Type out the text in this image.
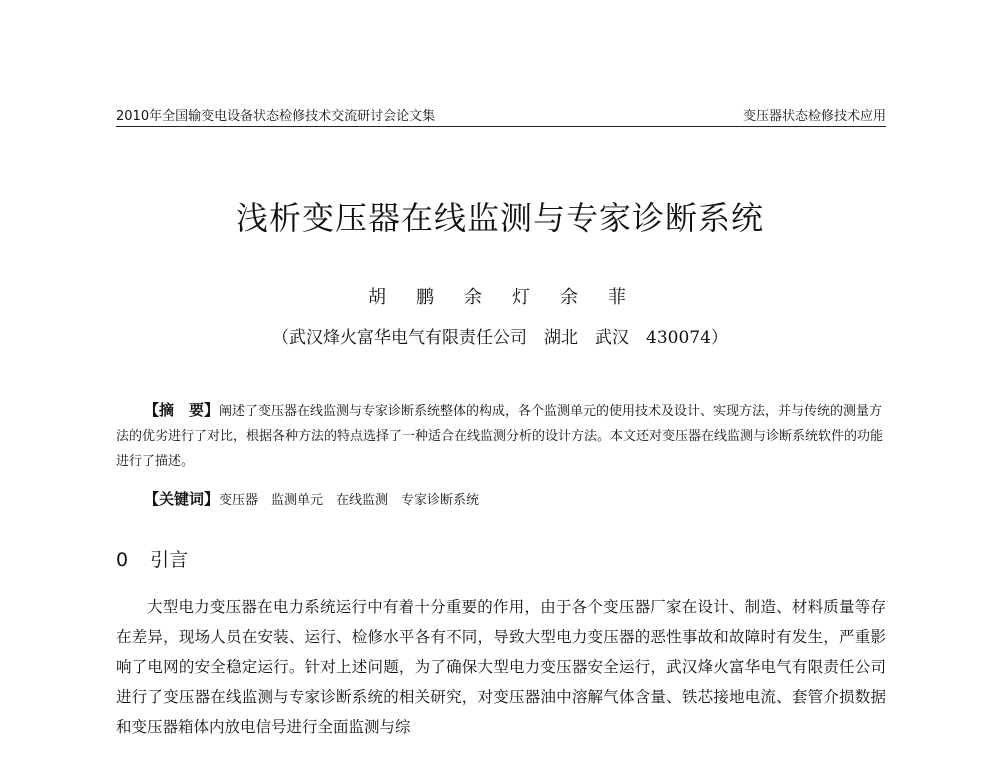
2010年全国输变电设备状态检修技术交流研讨会论文集	变压器状态检修技术应用
浅析变压器在线监测与专家诊断系统
胡　鹏　余　灯　余　菲
（武汉烽火富华电气有限责任公司　湖北　武汉　430074）
【摘　要】阐述了变压器在线监测与专家诊断系统整体的构成，各个监测单元的使用技术及设计、实现方法，并与传统的测量方法的优劣进行了对比，根据各种方法的特点选择了一种适合在线监测分析的设计方法。本文还对变压器在线监测与诊断系统软件的功能进行了描述。
【关键词】变压器　监测单元　在线监测　专家诊断系统
0 引言
大型电力变压器在电力系统运行中有着十分重要的作用，由于各个变压器厂家在设计、制造、材料质量等存在差异，现场人员在安装、运行、检修水平各有不同，导致大型电力变压器的恶性事故和故障时有发生，严重影响了电网的安全稳定运行。针对上述问题，为了确保大型电力变压器安全运行，武汉烽火富华电气有限责任公司进行了变压器在线监测与专家诊断系统的相关研究，对变压器油中溶解气体含量、铁芯接地电流、套管介损数据和变压器箱体内放电信号进行全面监测与综
